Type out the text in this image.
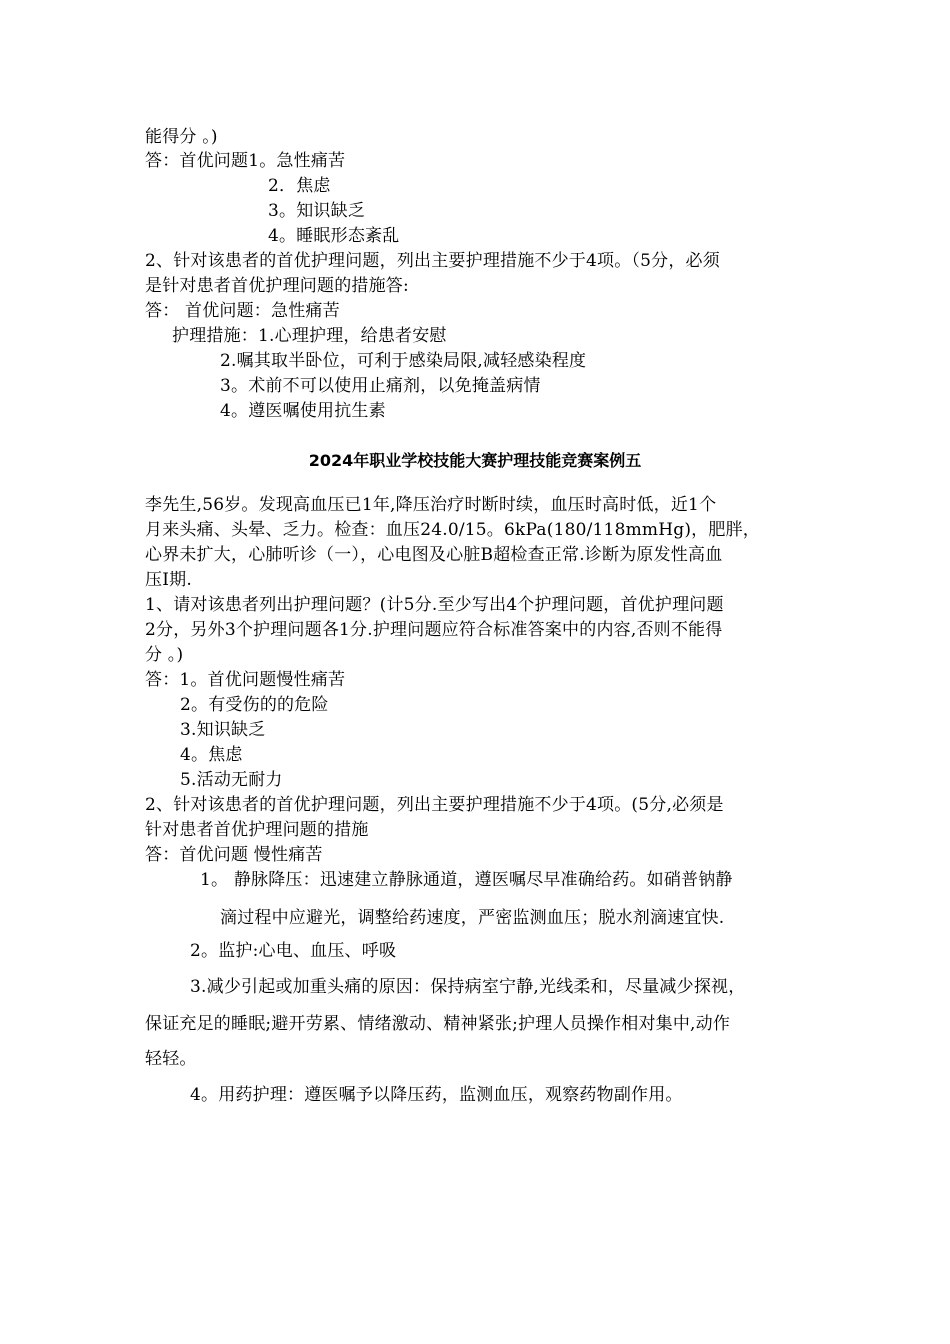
能得分 。)
答：首优问题1。急性痛苦
2．焦虑
3。知识缺乏
4。睡眠形态紊乱
2、针对该患者的首优护理问题，列出主要护理措施不少于4项。（5分，必须
是针对患者首优护理问题的措施答:
答： 首优问题：急性痛苦
护理措施：1.心理护理，给患者安慰
2.嘱其取半卧位，可利于感染局限,减轻感染程度
3。术前不可以使用止痛剂，以免掩盖病情
4。遵医嘱使用抗生素
2024年职业学校技能大赛护理技能竞赛案例五
李先生,56岁。发现高血压已1年,降压治疗时断时续，血压时高时低，近1个
月来头痛、头晕、乏力。检查：血压24.0/15。6kPa(180/118mmHg)，肥胖，
心界未扩大，心肺听诊（一），心电图及心脏B超检查正常.诊断为原发性高血
压I期.
1、请对该患者列出护理问题？(计5分.至少写出4个护理问题，首优护理问题
2分，另外3个护理问题各1分.护理问题应符合标准答案中的内容,否则不能得
分 。)
答：1。首优问题慢性痛苦
2。有受伤的的危险
3.知识缺乏
4。焦虑
5.活动无耐力
2、针对该患者的首优护理问题，列出主要护理措施不少于4项。(5分,必须是
针对患者首优护理问题的措施
答：首优问题 慢性痛苦
1。 静脉降压：迅速建立静脉通道，遵医嘱尽早准确给药。如硝普钠静
滴过程中应避光，调整给药速度，严密监测血压；脱水剂滴速宜快.
2。监护:心电、血压、呼吸
3.减少引起或加重头痛的原因：保持病室宁静,光线柔和，尽量减少探视，
保证充足的睡眠;避开劳累、情绪激动、精神紧张;护理人员操作相对集中,动作
轻轻。
4。用药护理：遵医嘱予以降压药，监测血压，观察药物副作用。
